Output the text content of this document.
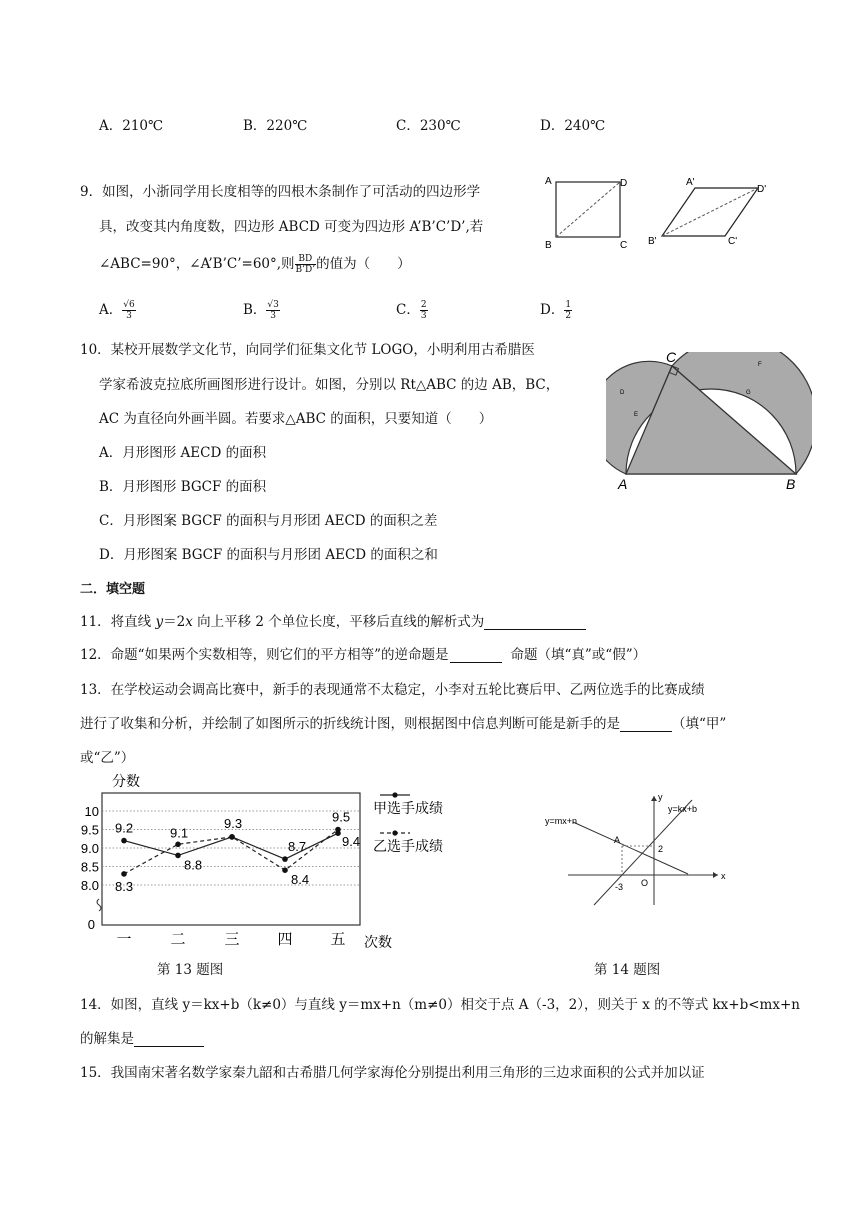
A．210℃	B．220℃	C．230℃	D．240℃
9．如图，小浙同学用长度相等的四根木条制作了可活动的四边形学
具，改变其内角度数，四边形 ABCD 可变为四边形 A’B’C’D’,若
∠ABC=90°，∠A’B’C’=60°,则 $\frac{BD}{B’D’}$ 的值为（　　）
A． $\frac{√6}{3}$	B． $\frac{√3}{3}$	C． $\frac{2}{3}$	D． $\frac{1}{2}$
A	D
B	C
A'
D'
B'	C'
10．某校开展数学文化节，向同学们征集文化节 LOGO，小明利用古希腊医
学家希波克拉底所画图形进行设计。如图，分别以 Rt△ABC 的边 AB，BC，
AC 为直径向外画半圆。若要求△ABC 的面积，只要知道（　　）
A．月形图形 AECD 的面积
B．月形图形 BGCF 的面积
C．月形图案 BGCF 的面积与月形团 AECD 的面积之差
D．月形图案 BGCF 的面积与月形团 AECD 的面积之和
C	F
D
E
G
A	B
二．填空题
11．将直线 y＝2x 向上平移 2 个单位长度，平移后直线的解析式为
12．命题“如果两个实数相等，则它们的平方相等”的逆命题是	命题（填“真”或“假”）
13．在学校运动会调高比赛中，新手的表现通常不太稳定，小李对五轮比赛后甲、乙两位选手的比赛成绩
进行了收集和分析，并绘制了如图所示的折线统计图，则根据图中信息判断可能是新手的是	（填“甲”
或“乙”）
8.0
8.5
9.0
9.5
10
0
分数
一	二	三	四	五 次数
9.2
8.8
9.3
8.7	9.4
甲选手成绩
8.3
9.1
8.4
9.5
乙选手成绩
第 13 题图
x
y
O
A
2
-3
y=kx+b
y=mx+n
第 14 题图
14．如图，直线 y＝kx+b（k≠0）与直线 y＝mx+n（m≠0）相交于点 A（-3，2），则关于 x 的不等式 kx+b<mx+n
的解集是
15．我国南宋著名数学家秦九韶和古希腊几何学家海伦分别提出利用三角形的三边求面积的公式并加以证
